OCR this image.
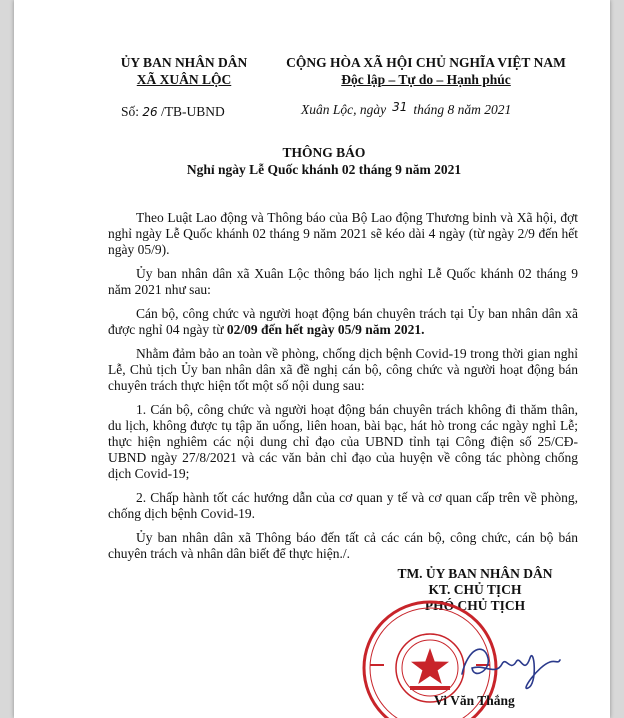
ỦY BAN NHÂN DÂN
XÃ XUÂN LỘC
CỘNG HÒA XÃ HỘI CHỦ NGHĨA VIỆT NAM
Độc lập – Tự do – Hạnh phúc
Số: 26 /TB-UBND	Xuân Lộc, ngày 31 tháng 8 năm 2021
THÔNG BÁO
Nghỉ ngày Lễ Quốc khánh 02 tháng 9 năm 2021

Theo Luật Lao động và Thông báo của Bộ Lao động Thương binh và Xã hội, đợt nghỉ ngày Lễ Quốc khánh 02 tháng 9 năm 2021 sẽ kéo dài 4 ngày (từ ngày 2/9 đến hết ngày 05/9).

Ủy ban nhân dân xã Xuân Lộc thông báo lịch nghỉ Lễ Quốc khánh 02 tháng 9 năm 2021 như sau:

Cán bộ, công chức và người hoạt động bán chuyên trách tại Ủy ban nhân dân xã được nghỉ 04 ngày từ 02/09 đến hết ngày 05/9 năm 2021.

Nhằm đảm bảo an toàn về phòng, chống dịch bệnh Covid-19 trong thời gian nghỉ Lễ, Chủ tịch Ủy ban nhân dân xã đề nghị cán bộ, công chức và người hoạt động bán chuyên trách thực hiện tốt một số nội dung sau:

1. Cán bộ, công chức và người hoạt động bán chuyên trách không đi thăm thân, du lịch, không được tụ tập ăn uống, liên hoan, bài bạc, hát hò trong các ngày nghỉ Lễ; thực hiện nghiêm các nội dung chỉ đạo của UBND tỉnh tại Công điện số 25/CĐ-UBND ngày 27/8/2021 và các văn bản chỉ đạo của huyện về công tác phòng chống dịch Covid-19;

2. Chấp hành tốt các hướng dẫn của cơ quan y tế và cơ quan cấp trên về phòng, chống dịch bệnh Covid-19.

Ủy ban nhân dân xã Thông báo đến tất cả các cán bộ, công chức, cán bộ bán chuyên trách và nhân dân biết để thực hiện./.

TM. ỦY BAN NHÂN DÂN
KT. CHỦ TỊCH
PHÓ CHỦ TỊCH
Vi Văn Thắng
